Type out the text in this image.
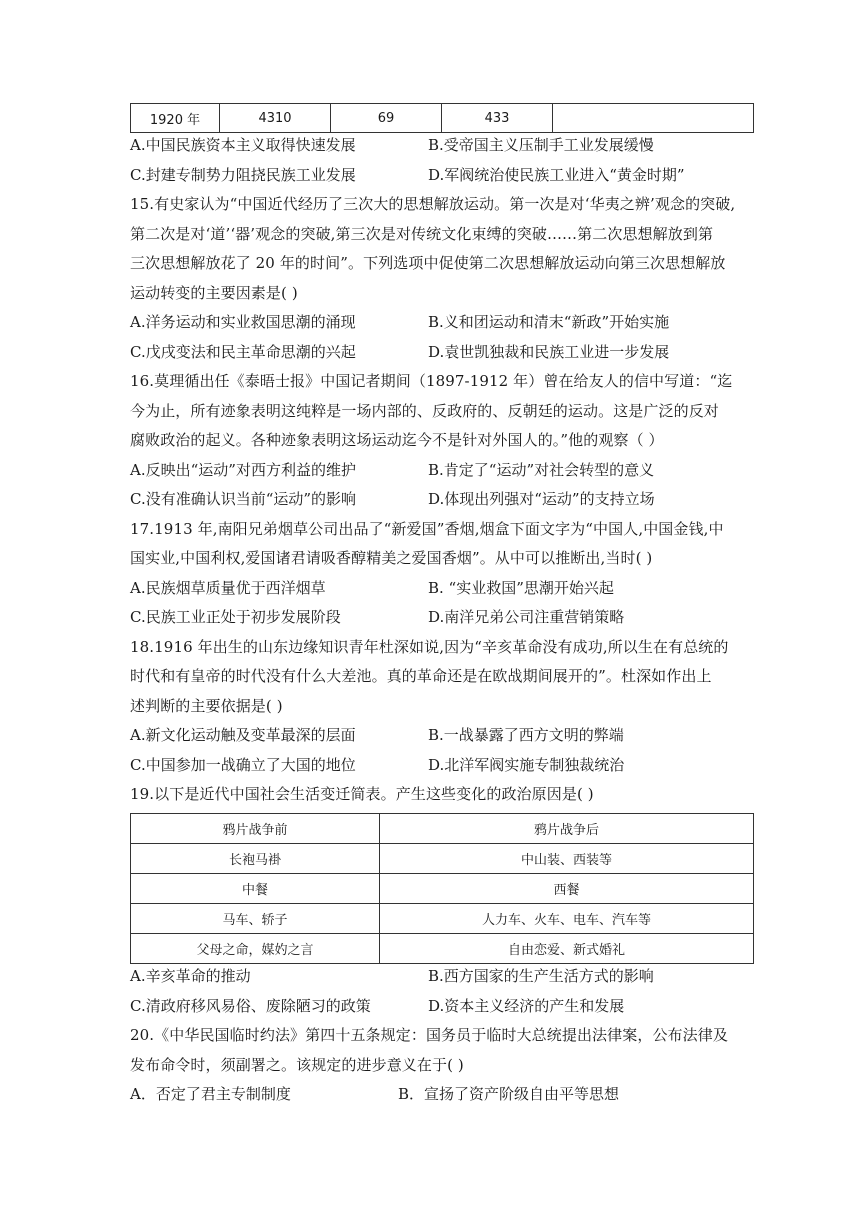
1920 年	4310	69	433	
A.中国民族资本主义取得快速发展	B.受帝国主义压制手工业发展缓慢
C.封建专制势力阻挠民族工业发展	D.军阀统治使民族工业进入“黄金时期”
15.有史家认为“中国近代经历了三次大的思想解放运动。第一次是对‘华夷之辨’观念的突破,
第二次是对‘道’‘器’观念的突破,第三次是对传统文化束缚的突破……第二次思想解放到第
三次思想解放花了 20 年的时间”。下列选项中促使第二次思想解放运动向第三次思想解放
运动转变的主要因素是( )
A.洋务运动和实业救国思潮的涌现	B.义和团运动和清末“新政”开始实施
C.戊戌变法和民主革命思潮的兴起	D.袁世凯独裁和民族工业进一步发展
16.莫理循出任《泰晤士报》中国记者期间（1897-1912 年）曾在给友人的信中写道：“迄
今为止，所有迹象表明这纯粹是一场内部的、反政府的、反朝廷的运动。这是广泛的反对
腐败政治的起义。各种迹象表明这场运动迄今不是针对外国人的。”他的观察（ ）
A.反映出“运动”对西方利益的维护	B.肯定了“运动”对社会转型的意义
C.没有准确认识当前“运动”的影响	D.体现出列强对“运动”的支持立场
17.1913 年,南阳兄弟烟草公司出品了“新爱国”香烟,烟盒下面文字为“中国人,中国金钱,中
国实业,中国利权,爱国诸君请吸香醇精美之爱国香烟”。从中可以推断出,当时( )
A.民族烟草质量优于西洋烟草	B. “实业救国”思潮开始兴起
C.民族工业正处于初步发展阶段	D.南洋兄弟公司注重营销策略
18.1916 年出生的山东边缘知识青年杜深如说,因为“辛亥革命没有成功,所以生在有总统的
时代和有皇帝的时代没有什么大差池。真的革命还是在欧战期间展开的”。杜深如作出上
述判断的主要依据是( )
A.新文化运动触及变革最深的层面	B.一战暴露了西方文明的弊端
C.中国参加一战确立了大国的地位	D.北洋军阀实施专制独裁统治
19.以下是近代中国社会生活变迁简表。产生这些变化的政治原因是( )
鸦片战争前	鸦片战争后
长袍马褂	中山装、西装等
中餐	西餐
马车、轿子	人力车、火车、电车、汽车等
父母之命，媒妁之言	自由恋爱、新式婚礼
A.辛亥革命的推动	B.西方国家的生产生活方式的影响
C.清政府移风易俗、废除陋习的政策	D.资本主义经济的产生和发展
20.《中华民国临时约法》第四十五条规定：国务员于临时大总统提出法律案，公布法律及
发布命令时，须副署之。该规定的进步意义在于( )
A．否定了君主专制制度	B．宣扬了资产阶级自由平等思想
